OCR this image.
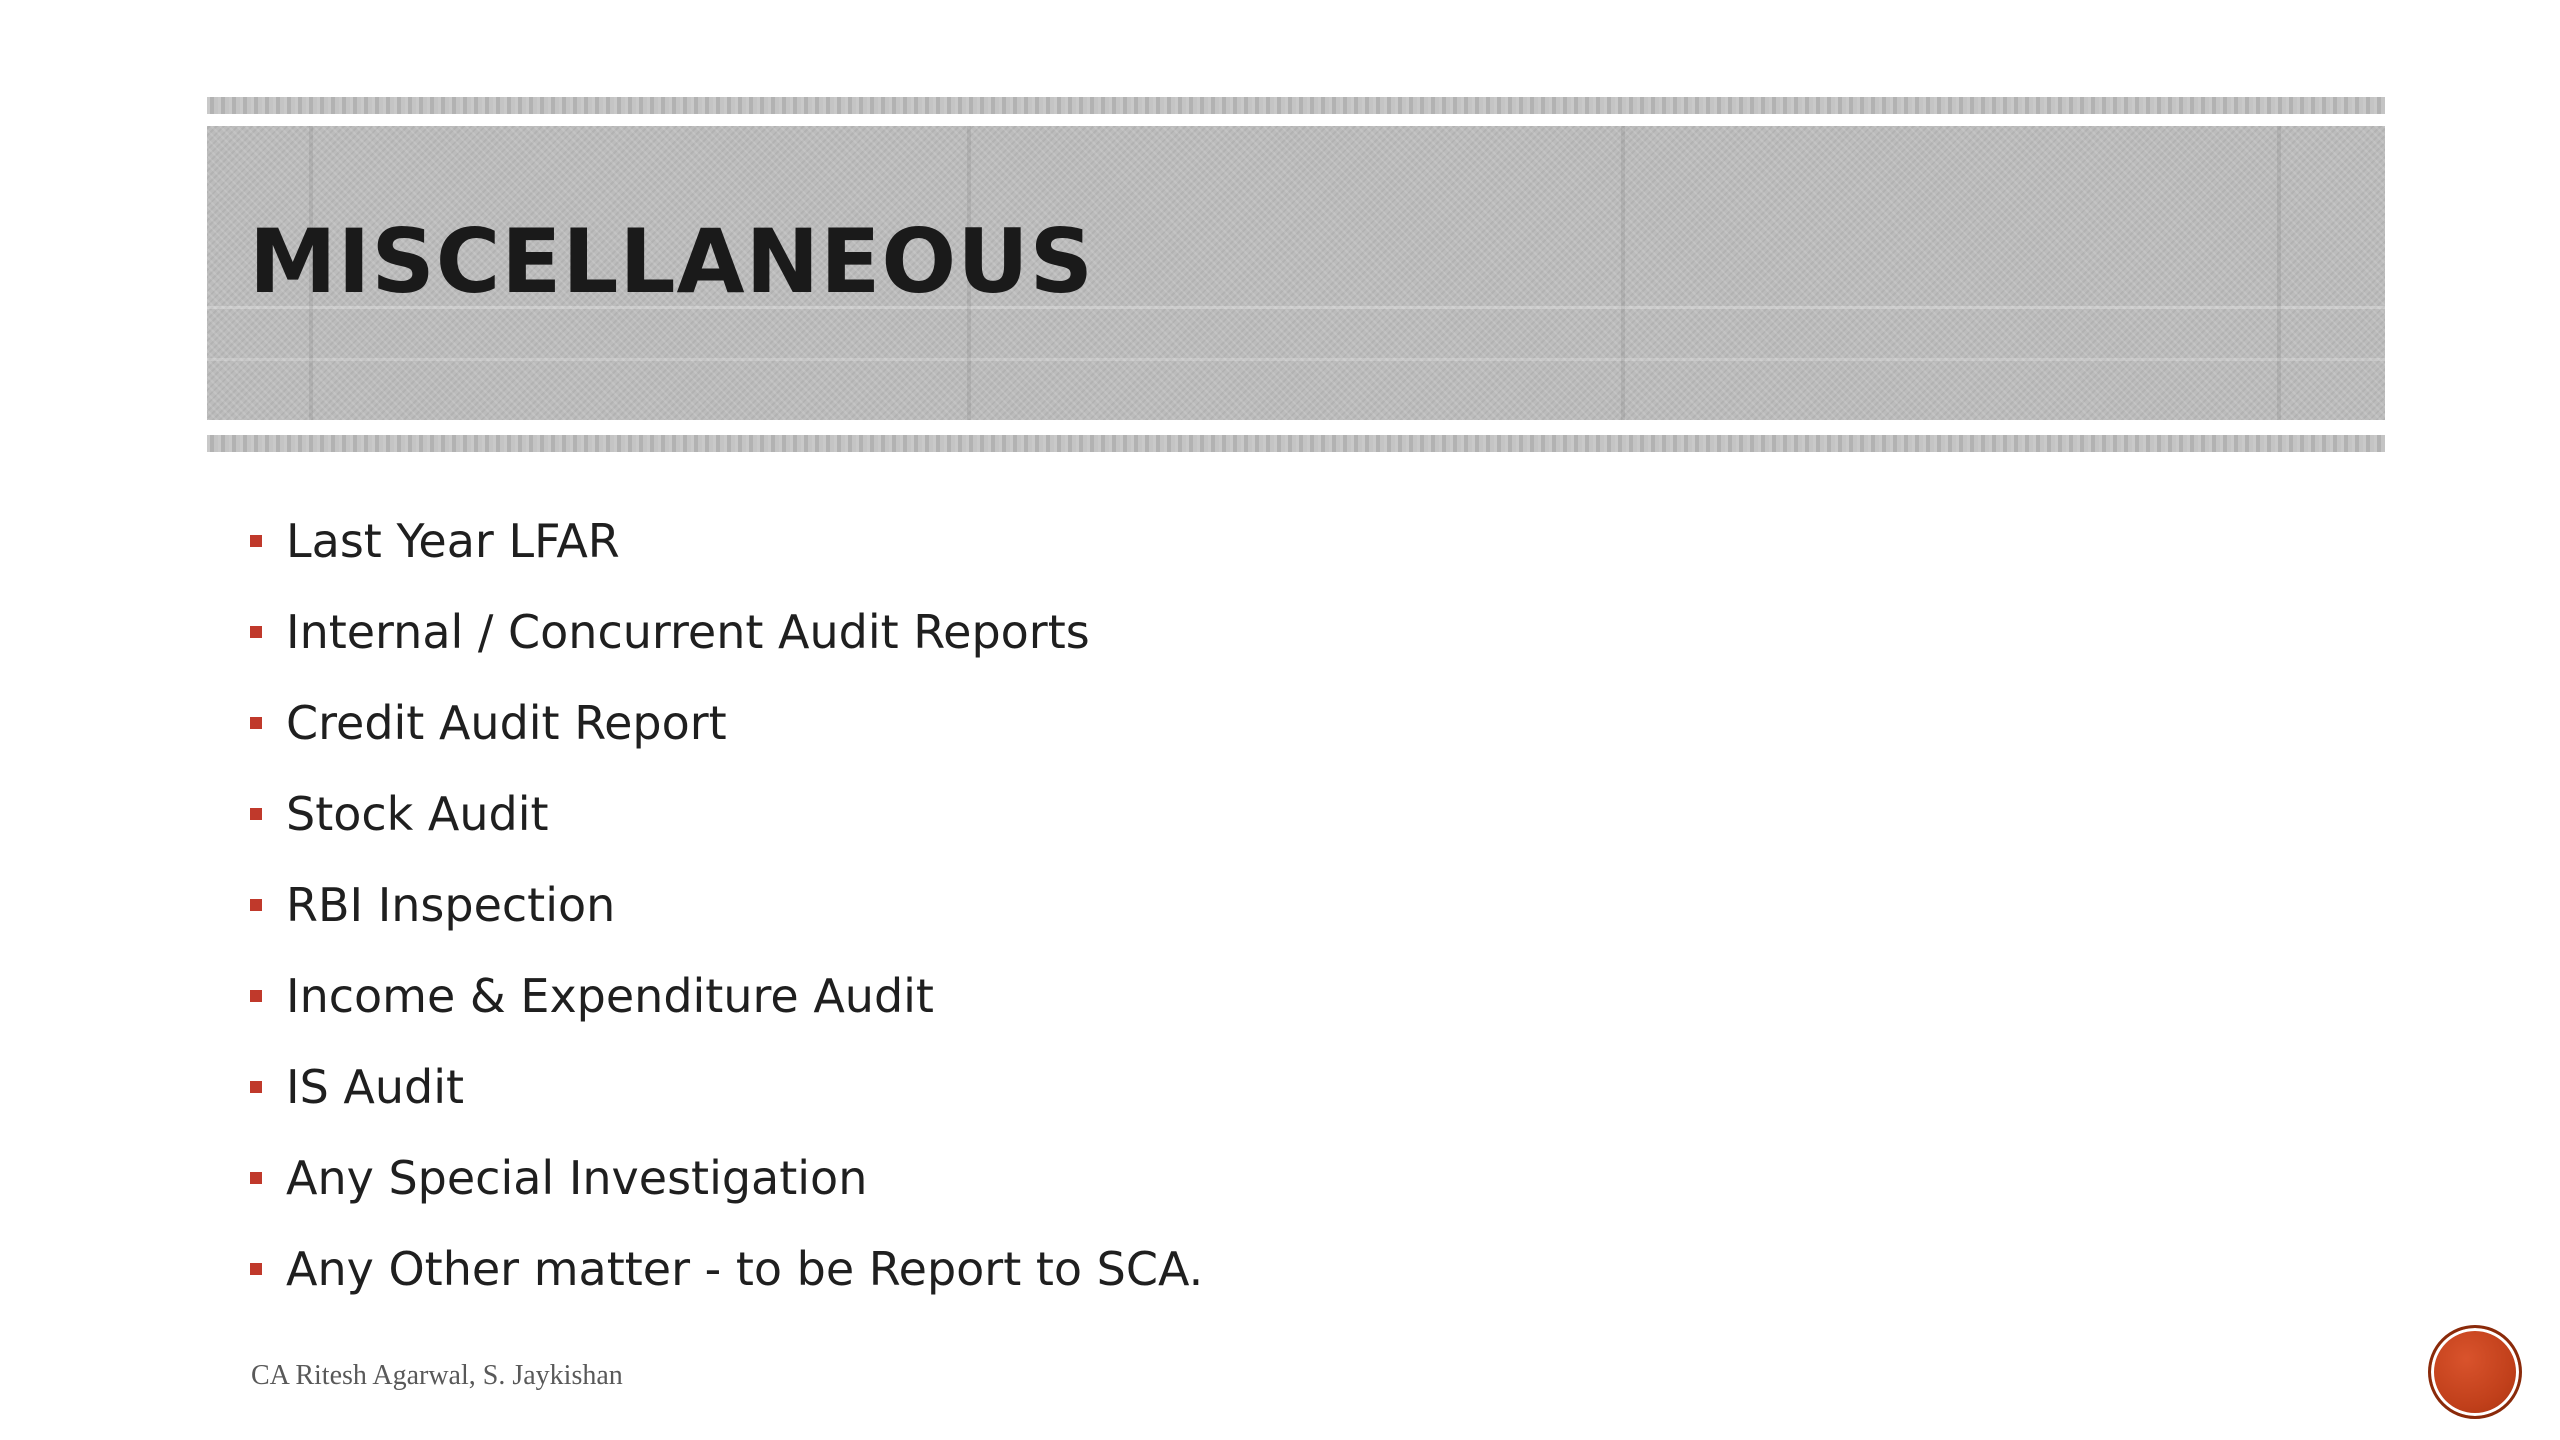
MISCELLANEOUS
Last Year LFAR
Internal / Concurrent Audit Reports
Credit Audit Report
Stock Audit
RBI Inspection
Income & Expenditure Audit
IS Audit
Any Special Investigation
Any Other matter - to be Report to SCA.
CA Ritesh Agarwal, S. Jaykishan
